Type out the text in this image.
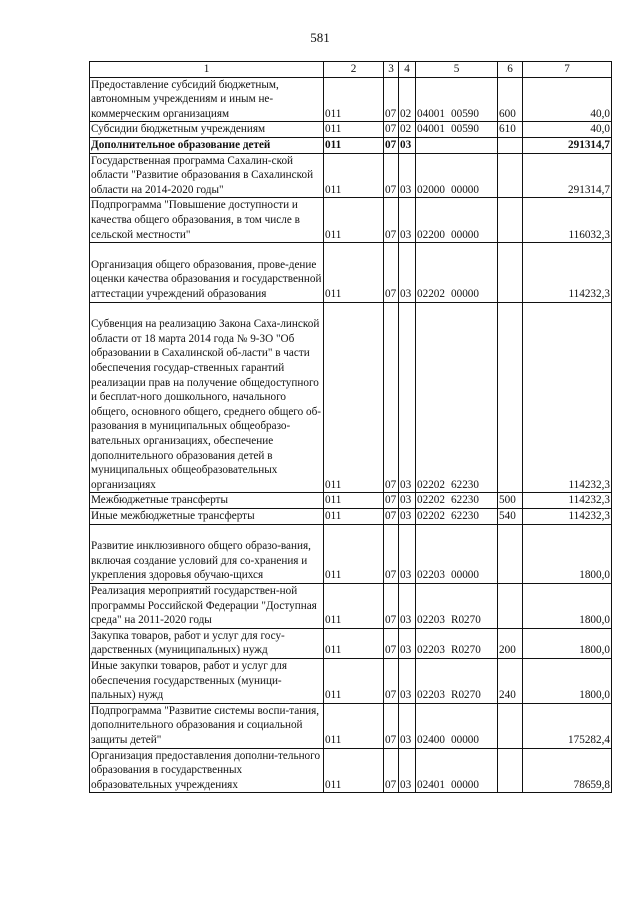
581
1	2	3	4	5	6	7
Предоставление субсидий бюджетным, автономным учреждениям и иным не-коммерческим организациям	011	07	02	04001 00590	600	40,0
Субсидии бюджетным учреждениям	011	07	02	04001 00590	610	40,0
Дополнительное образование детей	011	07	03			291314,7
Государственная программа Сахалин-ской области "Развитие образования в Сахалинской области на 2014-2020 годы"	011	07	03	02000 00000		291314,7
Подпрограмма "Повышение доступности и качества общего образования, в том числе в сельской местности"	011	07	03	02200 00000		116032,3
Организация общего образования, прове-дение оценки качества образования и государственной аттестации учреждений образования	011	07	03	02202 00000		114232,3
Субвенция на реализацию Закона Саха-линской области от 18 марта 2014 года № 9-ЗО "Об образовании в Сахалинской об-ласти" в части обеспечения государ-ственных гарантий реализации прав на получение общедоступного и бесплат-ного дошкольного, начального общего, основного общего, среднего общего об-разования в муниципальных общеобразо-вательных организациях, обеспечение дополнительного образования детей в муниципальных общеобразовательных организациях	011	07	03	02202 62230		114232,3
Межбюджетные трансферты	011	07	03	02202 62230	500	114232,3
Иные межбюджетные трансферты	011	07	03	02202 62230	540	114232,3
Развитие инклюзивного общего образо-вания, включая создание условий для со-хранения и укрепления здоровья обучаю-щихся	011	07	03	02203 00000		1800,0
Реализация мероприятий государствен-ной программы Российской Федерации "Доступная среда" на 2011-2020 годы	011	07	03	02203 R0270		1800,0
Закупка товаров, работ и услуг для госу-дарственных (муниципальных) нужд	011	07	03	02203 R0270	200	1800,0
Иные закупки товаров, работ и услуг для обеспечения государственных (муници-пальных) нужд	011	07	03	02203 R0270	240	1800,0
Подпрограмма "Развитие системы воспи-тания, дополнительного образования и социальной защиты детей"	011	07	03	02400 00000		175282,4
Организация предоставления дополни-тельного образования в государственных образовательных учреждениях	011	07	03	02401 00000		78659,8
